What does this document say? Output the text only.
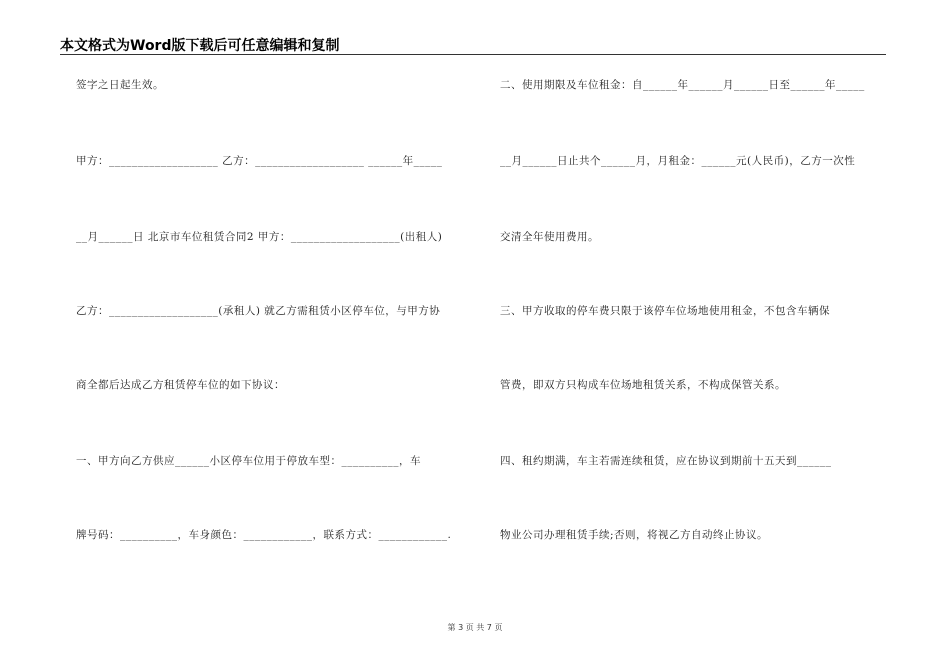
本文格式为Word版下载后可任意编辑和复制
签字之日起生效。
甲方：___________________ 乙方：___________________ ______年_____
__月______日 北京市车位租赁合同2 甲方：___________________(出租人)
乙方：___________________(承租人) 就乙方需租赁小区停车位，与甲方协
商全都后达成乙方租赁停车位的如下协议：
一、甲方向乙方供应______小区停车位用于停放车型：__________，车
牌号码：__________，车身颜色：____________，联系方式：____________.
二、使用期限及车位租金：自______年______月______日至______年_____
__月______日止共个______月，月租金：______元(人民币)，乙方一次性
交清全年使用费用。
三、甲方收取的停车费只限于该停车位场地使用租金，不包含车辆保
管费，即双方只构成车位场地租赁关系，不构成保管关系。
四、租约期满，车主若需连续租赁，应在协议到期前十五天到______
物业公司办理租赁手续;否则，将视乙方自动终止协议。
第 3 页 共 7 页
